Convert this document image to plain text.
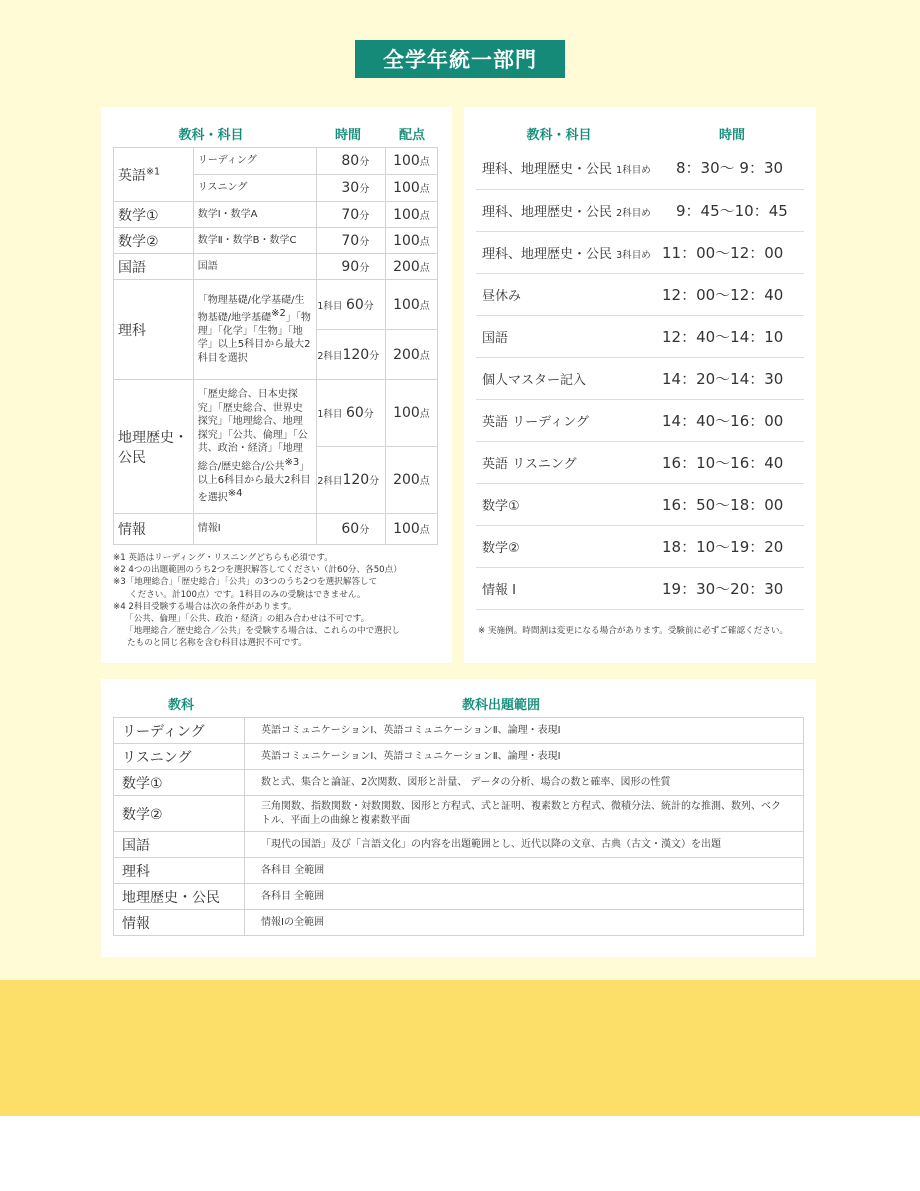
全学年統一部門
教科・科目	時間	配点
英語$^{※1}$	リーディング	80分	100点
	リスニング	30分	100点
数学①	数学Ⅰ・数学A	70分	100点
数学②	数学Ⅱ・数学B・数学C	70分	100点
国語	国語	90分	200点
理科	「物理基礎/化学基礎/生物基礎/地学基礎$^{※2}$」「物理」「化学」「生物」「地学」以上5科目から最大2科目を選択	1科目 60分	100点
		2科目120分	200点
地理歴史・公民	「歴史総合、日本史探究」「歴史総合、世界史探究」「地理総合、地理探究」「公共、倫理」「公共、政治・経済」「地理総合/歴史総合/公共$^{※3}$」以上6科目から最大2科目を選択$^{※4}$	1科目 60分	100点
		2科目120分	200点
情報	情報Ⅰ	60分	100点
※1 英語はリーディング・リスニングどちらも必須です。
※2 4つの出題範囲のうち2つを選択解答してください（計60分、各50点）
※3「地理総合」「歴史総合」「公共」の3つのうち2つを選択解答して
ください。計100点）です。1科目のみの受験はできません。
※4 2科目受験する場合は次の条件があります。
「公共、倫理」「公共、政治・経済」の組み合わせは不可です。
「地理総合／歴史総合／公共」を受験する場合は、これらの中で選択し
たものと同じ名称を含む科目は選択不可です。
教科・科目	時間
理科、地理歴史・公民 1科目め	8：30〜 9：30
理科、地理歴史・公民 2科目め	9：45〜10：45
理科、地理歴史・公民 3科目め	11：00〜12：00
昼休み	12：00〜12：40
国語	12：40〜14：10
個人マスター記入	14：20〜14：30
英語 リーディング	14：40〜16：00
英語 リスニング	16：10〜16：40
数学①	16：50〜18：00
数学②	18：10〜19：20
情報 Ⅰ	19：30〜20：30
※ 実施例。時間割は変更になる場合があります。受験前に必ずご確認ください。
教科	教科出題範囲
リーディング	英語コミュニケーションⅠ、英語コミュニケーションⅡ、論理・表現Ⅰ
リスニング	英語コミュニケーションⅠ、英語コミュニケーションⅡ、論理・表現Ⅰ
数学①	数と式、集合と論証、2次関数、図形と計量、 データの分析、場合の数と確率、図形の性質
数学②	三角関数、指数関数・対数関数、図形と方程式、式と証明、複素数と方程式、微積分法、統計的な推測、数列、ベクトル、平面上の曲線と複素数平面
国語	「現代の国語」及び「言語文化」の内容を出題範囲とし、近代以降の文章、古典（古文・漢文）を出題
理科	各科目 全範囲
地理歴史・公民	各科目 全範囲
情報	情報Ⅰの全範囲
